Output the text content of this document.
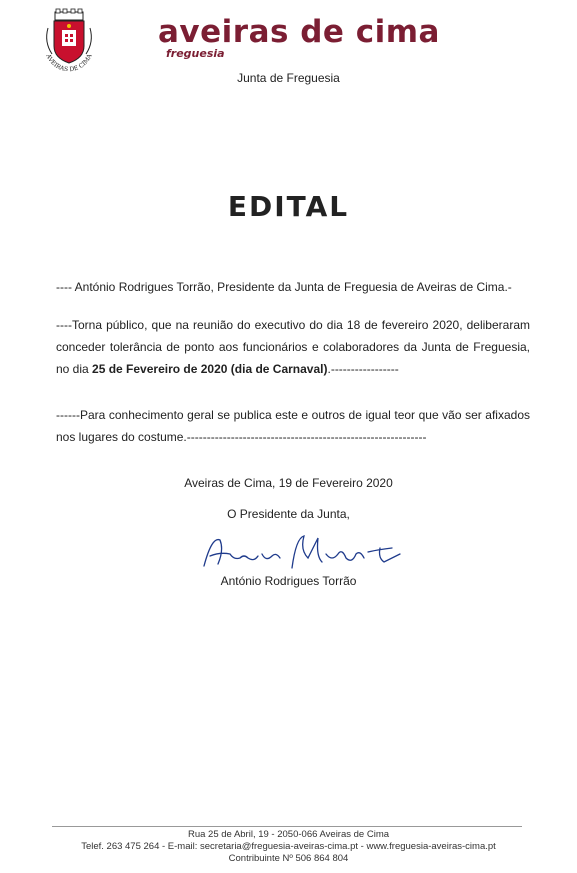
AVEIRAS DE CIMA
aveiras de cima
freguesia
Junta de Freguesia
EDITAL
---- António Rodrigues Torrão, Presidente da Junta de Freguesia de Aveiras de Cima.-
----Torna público, que na reunião do executivo do dia 18 de fevereiro 2020, deliberaram conceder tolerância de ponto aos funcionários e colaboradores da Junta de Freguesia, no dia 25 de Fevereiro de 2020 (dia de Carnaval).-----------------
------Para conhecimento geral se publica este e outros de igual teor que vão ser afixados nos lugares do costume.------------------------------------------------------------
Aveiras de Cima, 19 de Fevereiro 2020
O Presidente da Junta,
António Rodrigues Torrão
Rua 25 de Abril, 19 - 2050-066 Aveiras de Cima
Telef. 263 475 264 - E-mail: secretaria@freguesia-aveiras-cima.pt - www.freguesia-aveiras-cima.pt
Contribuinte Nº 506 864 804
